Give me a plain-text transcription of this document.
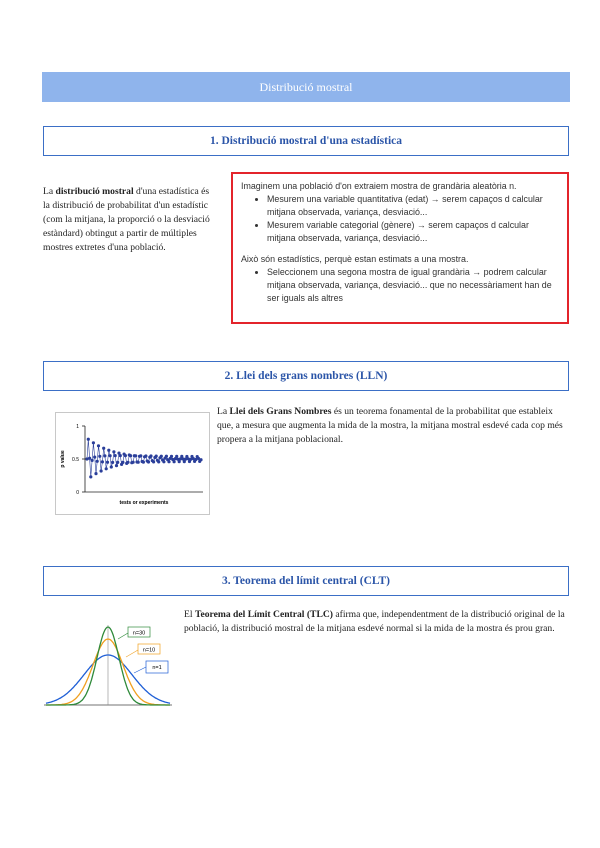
Distribució mostral
1. Distribució mostral d'una estadística
La distribució mostral d'una estadística és la distribució de probabilitat d'un estadístic (com la mitjana, la proporció o la desviació estàndard) obtingut a partir de múltiples mostres extretes d'una població.

Imaginem una població d'on extraiem mostra de grandària aleatòria n.

• Mesurem una variable quantitativa (edat) → serem capaços d calcular mitjana observada, variança, desviació...
• Mesurem variable categorial (gènere) → serem capaços d calcular mitjana observada, variança, desviació...

Això són estadístics, perquè estan estimats a una mostra.

• Seleccionem una segona mostra de igual grandària → podrem calcular mitjana observada, variança, desviació... que no necessàriament han de ser iguals als altres
2. Llei dels grans nombres (LLN)
1
0.5
0
p value
tests or experiments
La Llei dels Grans Nombres és un teorema fonamental de la probabilitat que estableix que, a mesura que augmenta la mida de la mostra, la mitjana mostral esdevé cada cop més propera a la mitjana poblacional.
3. Teorema del límit central (CLT)
n=30
n=10
n=1
El Teorema del Límit Central (TLC) afirma que, independentment de la distribució original de la població, la distribució mostral de la mitjana esdevé normal si la mida de la mostra és prou gran.
